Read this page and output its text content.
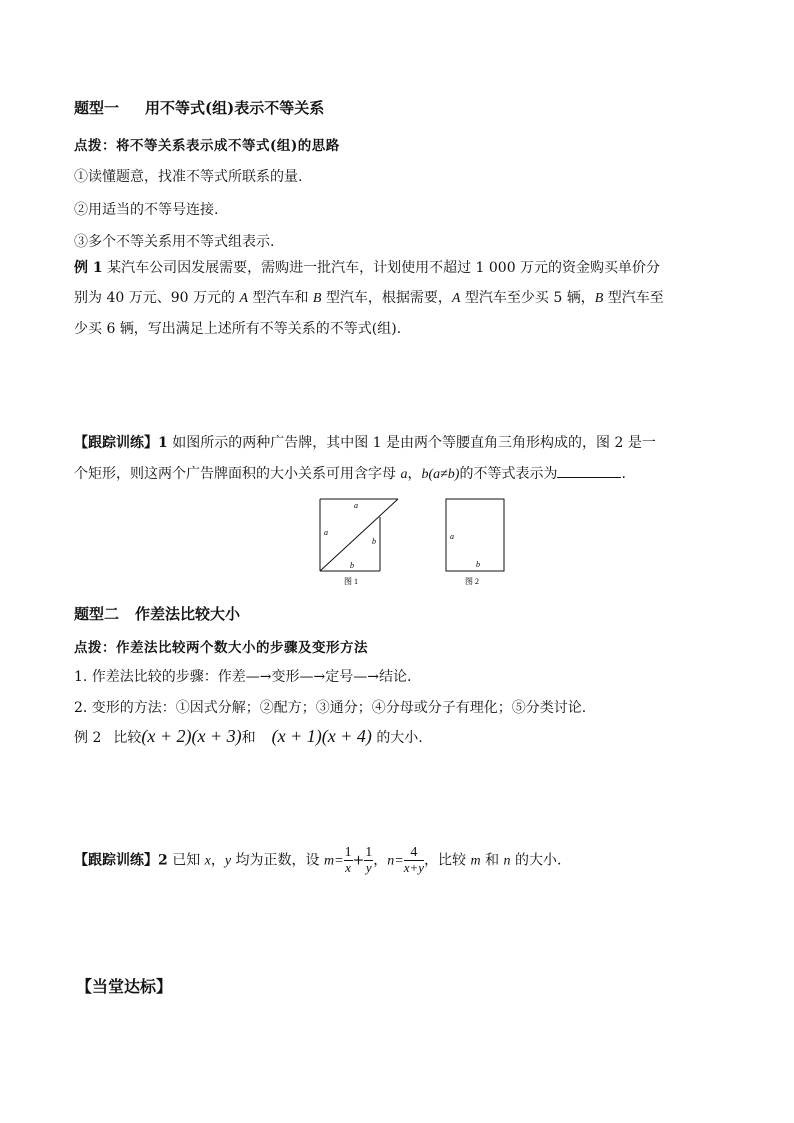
题型一 用不等式(组)表示不等关系
点拨：将不等关系表示成不等式(组)的思路
①读懂题意，找准不等式所联系的量.
②用适当的不等号连接.
③多个不等关系用不等式组表示.
例 1 某汽车公司因发展需要，需购进一批汽车，计划使用不超过 1 000 万元的资金购买单价分
别为 40 万元、90 万元的 A 型汽车和 B 型汽车，根据需要，A 型汽车至少买 5 辆，B 型汽车至
少买 6 辆，写出满足上述所有不等关系的不等式(组).
【跟踪训练】1 如图所示的两种广告牌，其中图 1 是由两个等腰直角三角形构成的，图 2 是一
个矩形，则这两个广告牌面积的大小关系可用含字母 a，b(a≠b)的不等式表示为	.
a
a
b
b
图 1
a
b
图 2
题型二 作差法比较大小
点拨：作差法比较两个数大小的步骤及变形方法
1. 作差法比较的步骤：作差—→变形—→定号—→结论.
2. 变形的方法：①因式分解；②配方；③通分；④分母或分子有理化；⑤分类讨论.
例 2 比较(x + 2)(x + 3)和 (x + 1)(x + 4) 的大小.
【跟踪训练】2 已知 x，y 均为正数，设 $m= \frac{1}{x} + \frac{1}{y}$ ，$n= \frac{4}{x+y}$ ，比较 m 和 n 的大小.
【当堂达标】
